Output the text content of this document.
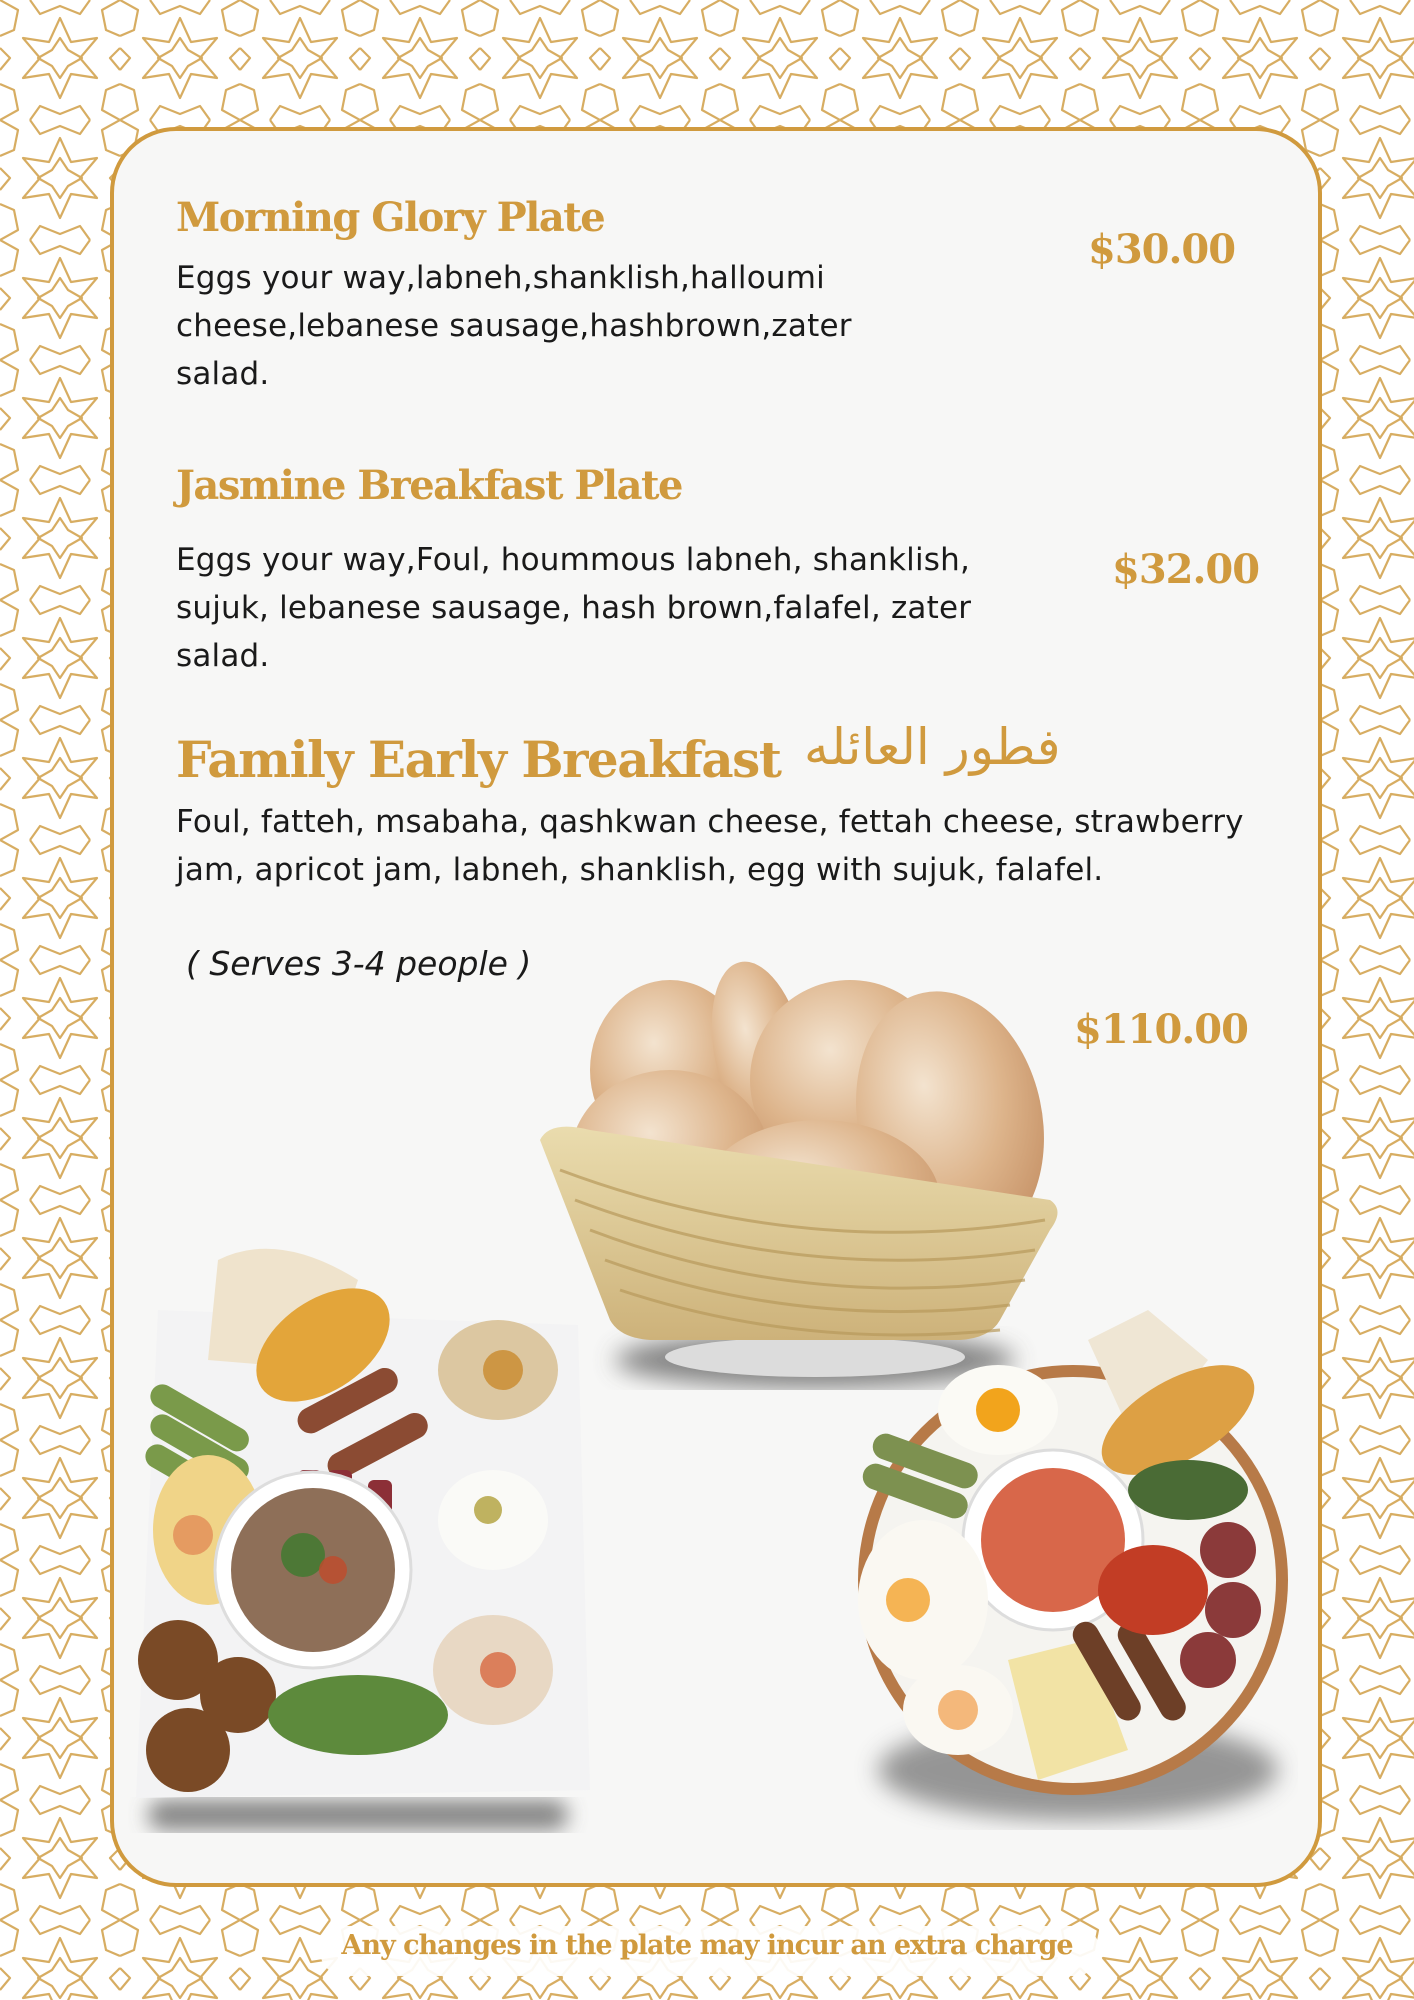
Morning Glory Plate
Eggs your way,labneh,shanklish,halloumi cheese,lebanese sausage,hashbrown,zater salad.
$30.00
Jasmine Breakfast Plate
Eggs your way,Foul, hoummous labneh, shanklish, sujuk, lebanese sausage, hash brown,falafel, zater salad.
$32.00
Family Early Breakfast فطور العائله
Foul, fatteh, msabaha, qashkwan cheese, fettah cheese, strawberry jam, apricot jam, labneh, shanklish, egg with sujuk, falafel.
( Serves 3-4 people )
$110.00
Any changes in the plate may incur an extra charge
